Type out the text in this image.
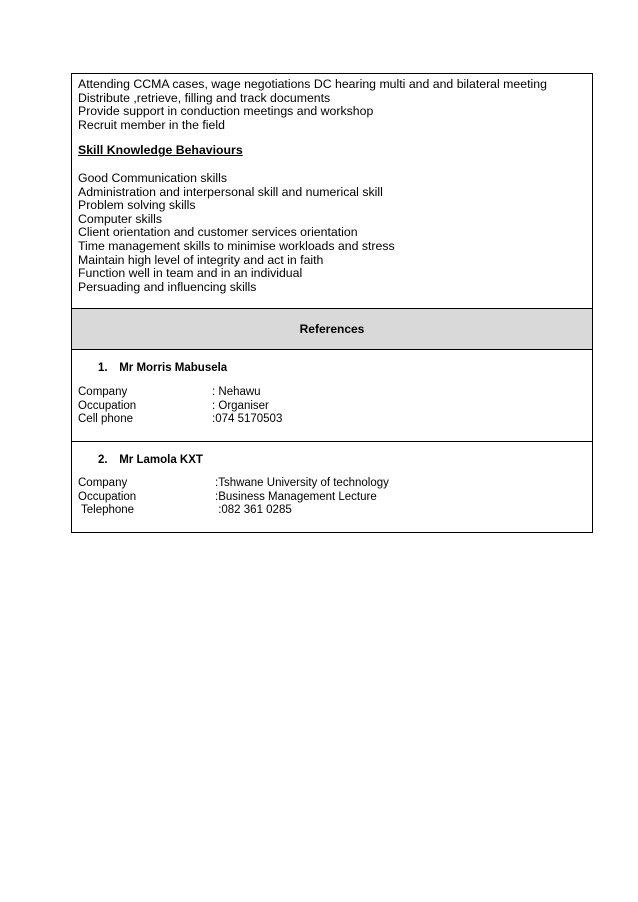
Attending CCMA cases, wage negotiations DC hearing multi and and bilateral meeting
Distribute ,retrieve, filling and track documents
Provide support in conduction meetings and workshop
Recruit member in the field
Skill Knowledge Behaviours
Good Communication skills
Administration and interpersonal skill and numerical skill
Problem solving skills
Computer skills
Client orientation and customer services orientation
Time management skills to minimise workloads and stress
Maintain high level of integrity and act in faith
Function well in team and in an individual
Persuading and influencing skills
References
1. Mr Morris Mabusela
Company	: Nehawu
Occupation	: Organiser
Cell phone	:074 5170503
2. Mr Lamola KXT
Company	:Tshwane University of technology
Occupation	:Business Management Lecture
Telephone	:082 361 0285
